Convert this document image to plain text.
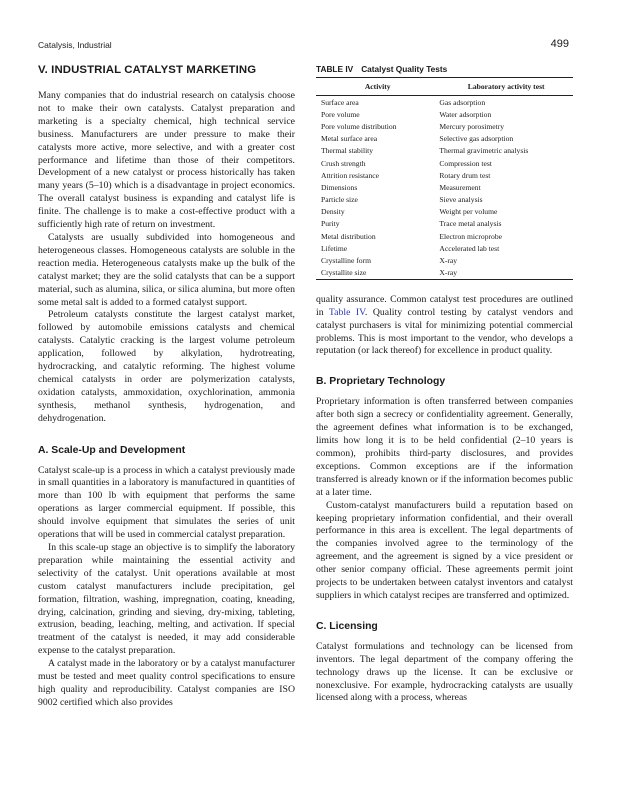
Catalysis, Industrial	499
V. INDUSTRIAL CATALYST MARKETING

Many companies that do industrial research on catalysis choose not to make their own catalysts. Catalyst preparation and marketing is a specialty chemical, high technical service business. Manufacturers are under pressure to make their catalysts more active, more selective, and with a greater cost performance and lifetime than those of their competitors. Development of a new catalyst or process historically has taken many years (5–10) which is a disadvantage in project economics. The overall catalyst business is expanding and catalyst life is finite. The challenge is to make a cost-effective product with a sufficiently high rate of return on investment.

Catalysts are usually subdivided into homogeneous and heterogeneous classes. Homogeneous catalysts are soluble in the reaction media. Heterogeneous catalysts make up the bulk of the catalyst market; they are the solid catalysts that can be a support material, such as alumina, silica, or silica alumina, but more often some metal salt is added to a formed catalyst support.

Petroleum catalysts constitute the largest catalyst market, followed by automobile emissions catalysts and chemical catalysts. Catalytic cracking is the largest volume petroleum application, followed by alkylation, hydrotreating, hydrocracking, and catalytic reforming. The highest volume chemical catalysts in order are polymerization catalysts, oxidation catalysts, ammoxidation, oxychlorination, ammonia synthesis, methanol synthesis, hydrogenation, and dehydrogenation.

A. Scale-Up and Development

Catalyst scale-up is a process in which a catalyst previously made in small quantities in a laboratory is manufactured in quantities of more than 100 lb with equipment that performs the same operations as larger commercial equipment. If possible, this should involve equipment that simulates the series of unit operations that will be used in commercial catalyst preparation.

In this scale-up stage an objective is to simplify the laboratory preparation while maintaining the essential activity and selectivity of the catalyst. Unit operations available at most custom catalyst manufacturers include precipitation, gel formation, filtration, washing, impregnation, coating, kneading, drying, calcination, grinding and sieving, dry-mixing, tableting, extrusion, beading, leaching, melting, and activation. If special treatment of the catalyst is needed, it may add considerable expense to the catalyst preparation.

A catalyst made in the laboratory or by a catalyst manufacturer must be tested and meet quality control specifications to ensure high quality and reproducibility. Catalyst companies are ISO 9002 certified which also provides

TABLE IV Catalyst Quality Tests
Activity	Laboratory activity test
Surface area	Gas adsorption
Pore volume	Water adsorption
Pore volume distribution	Mercury porosimetry
Metal surface area	Selective gas adsorption
Thermal stability	Thermal gravimetric analysis
Crush strength	Compression test
Attrition resistance	Rotary drum test
Dimensions	Measurement
Particle size	Sieve analysis
Density	Weight per volume
Purity	Trace metal analysis
Metal distribution	Electron microprobe
Lifetime	Accelerated lab test
Crystalline form	X-ray
Crystallite size	X-ray

quality assurance. Common catalyst test procedures are outlined in Table IV. Quality control testing by catalyst vendors and catalyst purchasers is vital for minimizing potential commercial problems. This is most important to the vendor, who develops a reputation (or lack thereof) for excellence in product quality.

B. Proprietary Technology

Proprietary information is often transferred between companies after both sign a secrecy or confidentiality agreement. Generally, the agreement defines what information is to be exchanged, limits how long it is to be held confidential (2–10 years is common), prohibits third-party disclosures, and provides exceptions. Common exceptions are if the information transferred is already known or if the information becomes public at a later time.

Custom-catalyst manufacturers build a reputation based on keeping proprietary information confidential, and their overall performance in this area is excellent. The legal departments of the companies involved agree to the terminology of the agreement, and the agreement is signed by a vice president or other senior company official. These agreements permit joint projects to be undertaken between catalyst inventors and catalyst suppliers in which catalyst recipes are transferred and optimized.

C. Licensing

Catalyst formulations and technology can be licensed from inventors. The legal department of the company offering the technology draws up the license. It can be exclusive or nonexclusive. For example, hydrocracking catalysts are usually licensed along with a process, whereas
